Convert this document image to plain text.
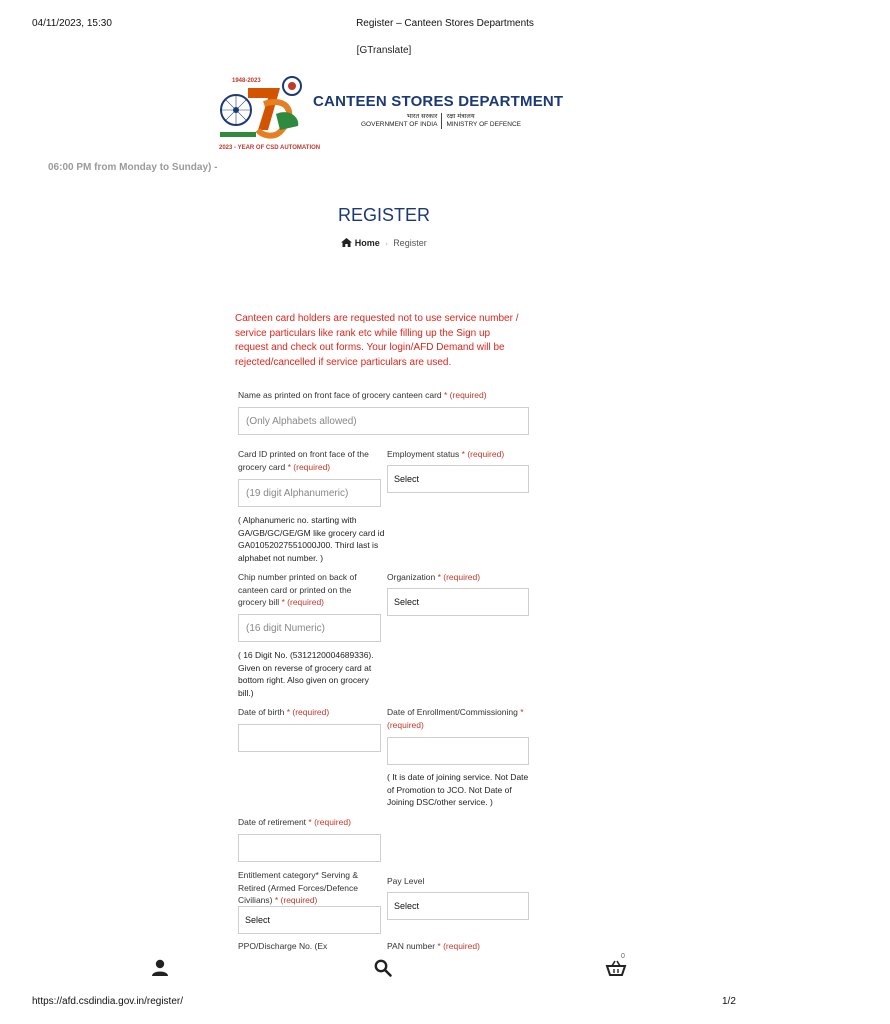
04/11/2023, 15:30	Register – Canteen Stores Departments
[GTranslate]
1948-2023
2023 - YEAR OF CSD AUTOMATION
CANTEEN STORES DEPARTMENT
भारत सरकार
GOVERNMENT OF INDIA
रक्षा मंत्रालय
MINISTRY OF DEFENCE
06:00 PM from Monday to Sunday) -
REGISTER
Home › Register
Canteen card holders are requested not to use service number / service particulars like rank etc while filling up the Sign up request and check out forms. Your login/AFD Demand will be rejected/cancelled if service particulars are used.
Name as printed on front face of grocery canteen card * (required)
(Only Alphabets allowed)
Card ID printed on front face of the grocery card * (required)
(19 digit Alphanumeric)
( Alphanumeric no. starting with GA/GB/GC/GE/GM like grocery card id GA01052027551000J00. Third last is alphabet not number. )
Employment status * (required)
Select
Chip number printed on back of canteen card or printed on the grocery bill * (required)
(16 digit Numeric)
( 16 Digit No. (5312120004689336). Given on reverse of grocery card at bottom right. Also given on grocery bill.)
Organization * (required)
Select
Date of birth * (required)	Date of Enrollment/Commissioning * (required)
( It is date of joining service. Not Date of Promotion to JCO. Not Date of Joining DSC/other service. )
Date of retirement * (required)
Entitlement category* Serving & Retired (Armed Forces/Defence Civilians) * (required)
Select
Pay Level
Select
PPO/Discharge No. (Ex	PAN number * (required)
0
https://afd.csdindia.gov.in/register/	1/2
